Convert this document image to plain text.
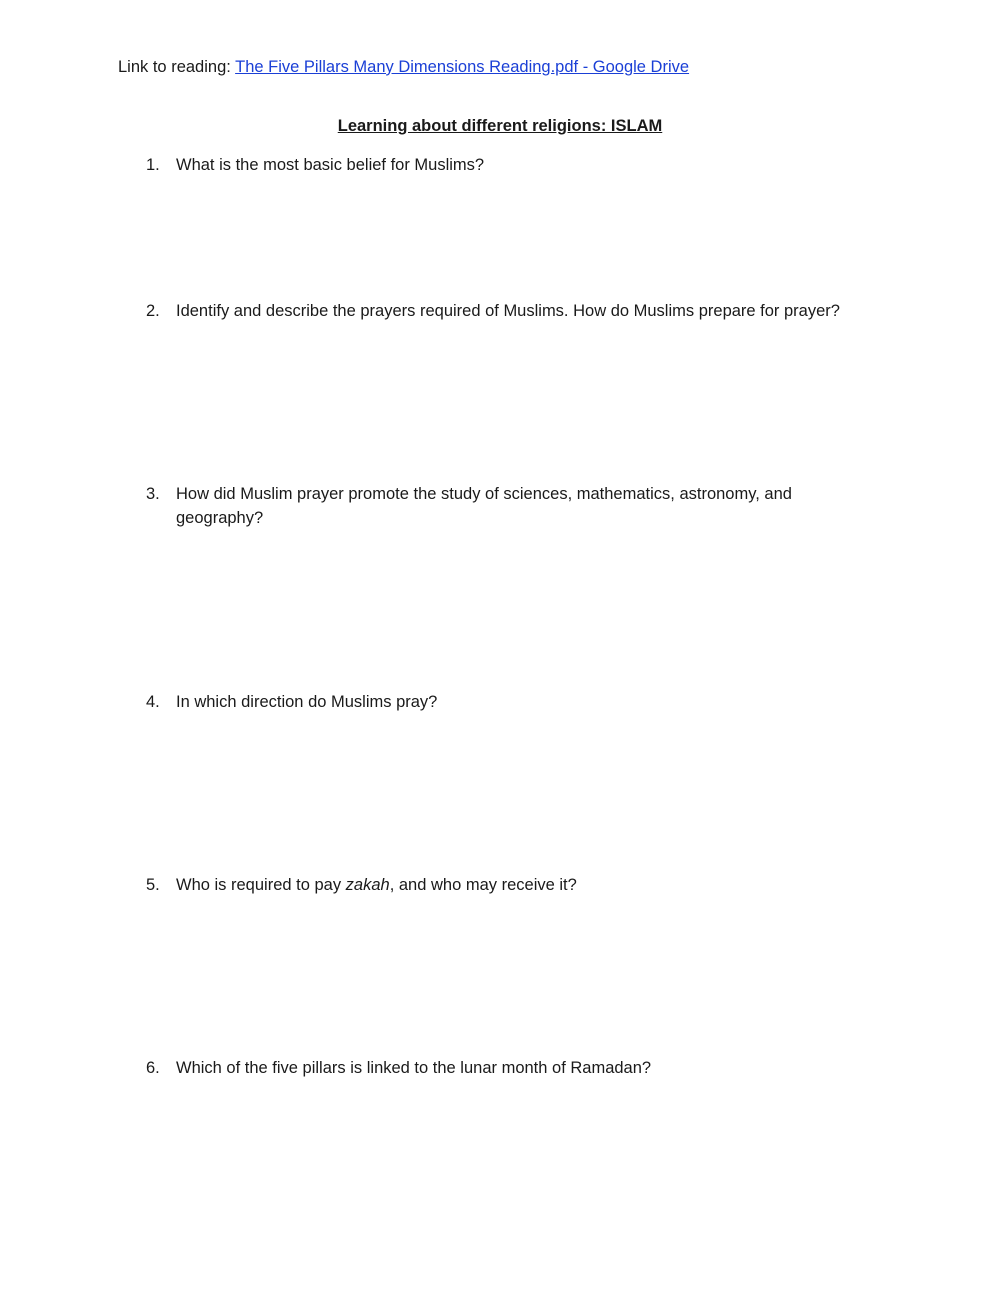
Link to reading: The Five Pillars Many Dimensions Reading.pdf - Google Drive
Learning about different religions: ISLAM
1. What is the most basic belief for Muslims?
2. Identify and describe the prayers required of Muslims. How do Muslims prepare for prayer?
3. How did Muslim prayer promote the study of sciences, mathematics, astronomy, and geography?
4. In which direction do Muslims pray?
5. Who is required to pay zakah, and who may receive it?
6. Which of the five pillars is linked to the lunar month of Ramadan?
